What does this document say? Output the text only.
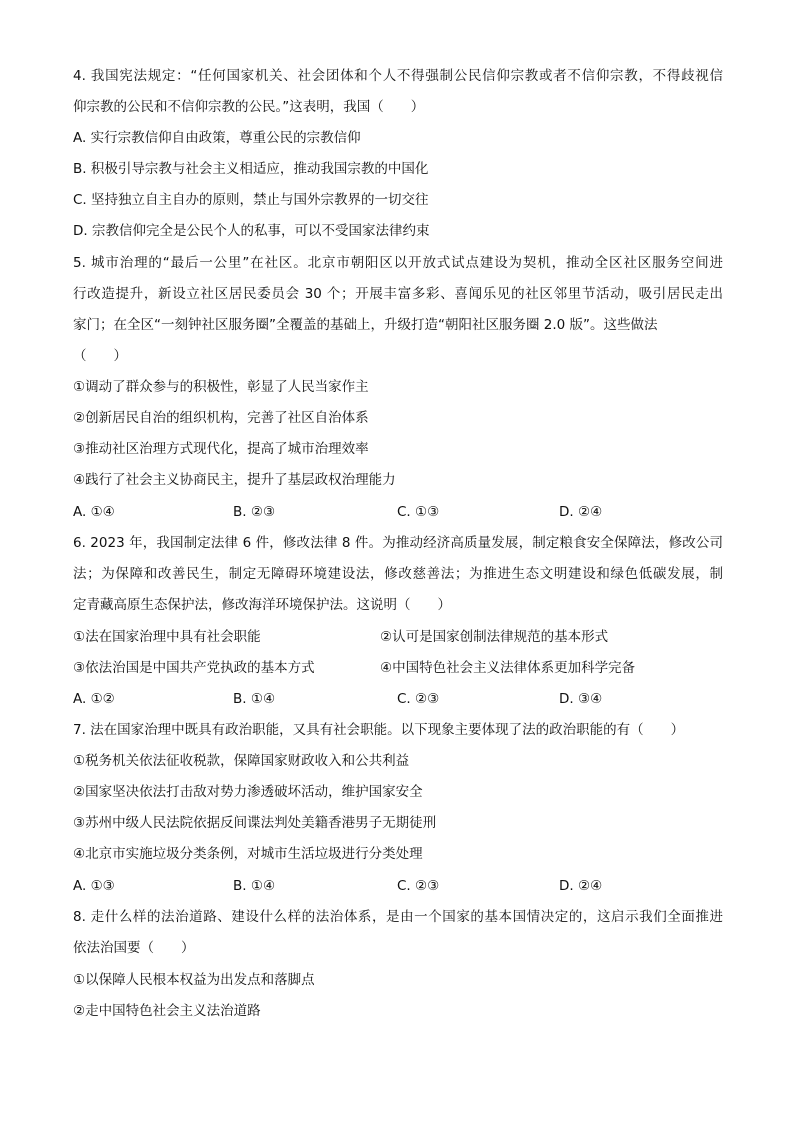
4. 我国宪法规定：“任何国家机关、社会团体和个人不得强制公民信仰宗教或者不信仰宗教，不得歧视信

仰宗教的公民和不信仰宗教的公民。”这表明，我国（　　）

A. 实行宗教信仰自由政策，尊重公民的宗教信仰

B. 积极引导宗教与社会主义相适应，推动我国宗教的中国化

C. 坚持独立自主自办的原则，禁止与国外宗教界的一切交往

D. 宗教信仰完全是公民个人的私事，可以不受国家法律约束

5. 城市治理的“最后一公里”在社区。北京市朝阳区以开放式试点建设为契机，推动全区社区服务空间进

行改造提升，新设立社区居民委员会 30 个；开展丰富多彩、喜闻乐见的社区邻里节活动，吸引居民走出

家门；在全区“一刻钟社区服务圈”全覆盖的基础上，升级打造“朝阳社区服务圈 2.0 版”。这些做法

（　　）

①调动了群众参与的积极性，彰显了人民当家作主

②创新居民自治的组织机构，完善了社区自治体系

③推动社区治理方式现代化，提高了城市治理效率

④践行了社会主义协商民主，提升了基层政权治理能力

A. ①④	B. ②③	C. ①③	D. ②④

6. 2023 年，我国制定法律 6 件，修改法律 8 件。为推动经济高质量发展，制定粮食安全保障法，修改公司

法；为保障和改善民生，制定无障碍环境建设法，修改慈善法；为推进生态文明建设和绿色低碳发展，制

定青藏高原生态保护法，修改海洋环境保护法。这说明（　　）

①法在国家治理中具有社会职能	②认可是国家创制法律规范的基本形式
③依法治国是中国共产党执政的基本方式	④中国特色社会主义法律体系更加科学完备
A. ①②	B. ①④	C. ②③	D. ③④

7. 法在国家治理中既具有政治职能，又具有社会职能。以下现象主要体现了法的政治职能的有（　　）

①税务机关依法征收税款，保障国家财政收入和公共利益

②国家坚决依法打击敌对势力渗透破坏活动，维护国家安全

③苏州中级人民法院依据反间谍法判处美籍香港男子无期徒刑

④北京市实施垃圾分类条例，对城市生活垃圾进行分类处理

A. ①③	B. ①④	C. ②③	D. ②④

8. 走什么样的法治道路、建设什么样的法治体系，是由一个国家的基本国情决定的，这启示我们全面推进

依法治国要（　　）

①以保障人民根本权益为出发点和落脚点

②走中国特色社会主义法治道路
